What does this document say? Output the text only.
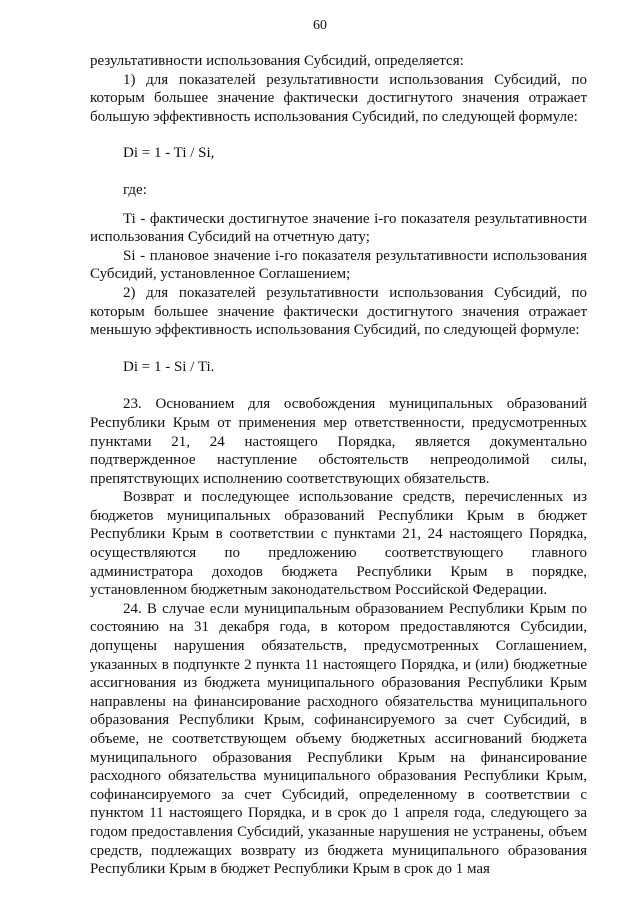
60

результативности использования Субсидий, определяется:

1) для показателей результативности использования Субсидий, по которым большее значение фактически достигнутого значения отражает большую эффективность использования Субсидий, по следующей формуле:

Di = 1 - Ti / Si,

где:

Ti - фактически достигнутое значение i-го показателя результативности использования Субсидий на отчетную дату;

Si - плановое значение i-го показателя результативности использования Субсидий, установленное Соглашением;

2) для показателей результативности использования Субсидий, по которым большее значение фактически достигнутого значения отражает меньшую эффективность использования Субсидий, по следующей формуле:

Di = 1 - Si / Ti.

23. Основанием для освобождения муниципальных образований Республики Крым от применения мер ответственности, предусмотренных пунктами 21, 24 настоящего Порядка, является документально подтвержденное наступление обстоятельств непреодолимой силы, препятствующих исполнению соответствующих обязательств.

Возврат и последующее использование средств, перечисленных из бюджетов муниципальных образований Республики Крым в бюджет Республики Крым в соответствии с пунктами 21, 24 настоящего Порядка, осуществляются по предложению соответствующего главного администратора доходов бюджета Республики Крым в порядке, установленном бюджетным законодательством Российской Федерации.

24. В случае если муниципальным образованием Республики Крым по состоянию на 31 декабря года, в котором предоставляются Субсидии, допущены нарушения обязательств, предусмотренных Соглашением, указанных в подпункте 2 пункта 11 настоящего Порядка, и (или) бюджетные ассигнования из бюджета муниципального образования Республики Крым направлены на финансирование расходного обязательства муниципального образования Республики Крым, софинансируемого за счет Субсидий, в объеме, не соответствующем объему бюджетных ассигнований бюджета муниципального образования Республики Крым на финансирование расходного обязательства муниципального образования Республики Крым, софинансируемого за счет Субсидий, определенному в соответствии с пунктом 11 настоящего Порядка, и в срок до 1 апреля года, следующего за годом предоставления Субсидий, указанные нарушения не устранены, объем средств, подлежащих возврату из бюджета муниципального образования Республики Крым в бюджет Республики Крым в срок до 1 мая
